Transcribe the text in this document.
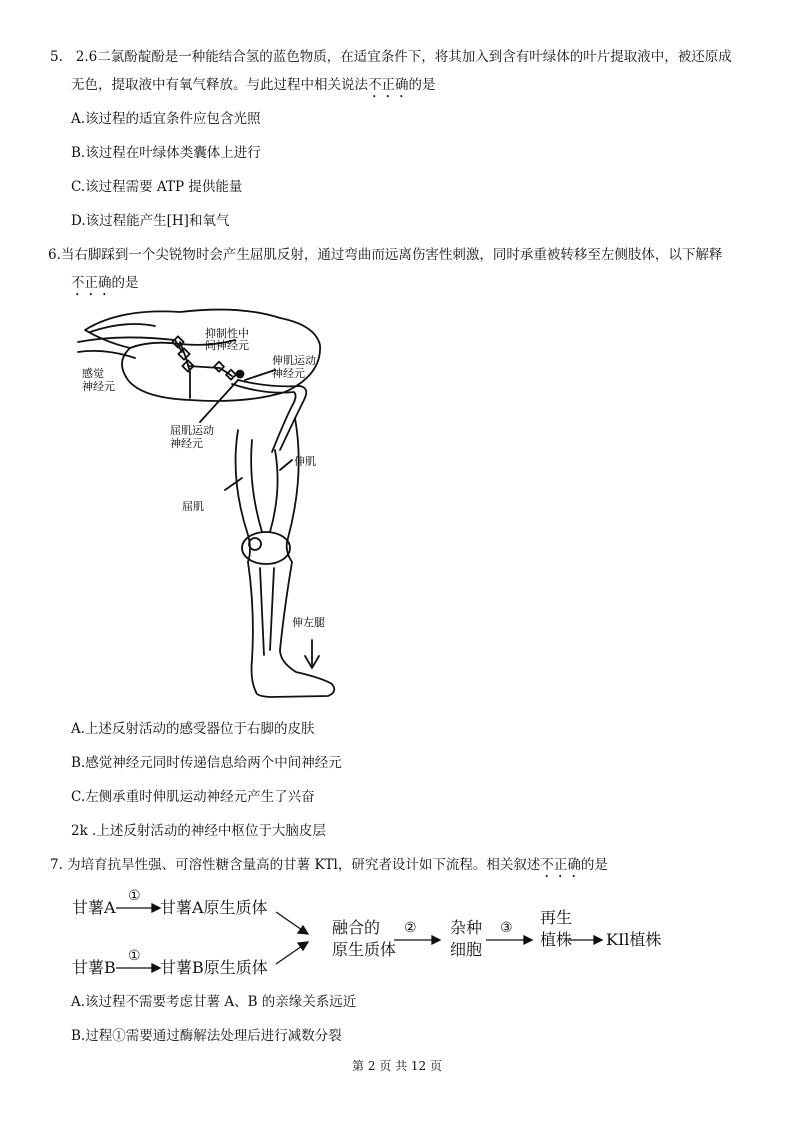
5. 2.6二氯酚靛酚是一种能结合氢的蓝色物质，在适宜条件下，将其加入到含有叶绿体的叶片提取液中，被还原成
无色，提取液中有氧气释放。与此过程中相关说法不正确的是
A.该过程的适宜条件应包含光照
B.该过程在叶绿体类囊体上进行
C.该过程需要 ATP 提供能量
D.该过程能产生[H]和氧气
6.当右脚踩到一个尖锐物时会产生屈肌反射，通过弯曲而远离伤害性刺激，同时承重被转移至左侧肢体，以下解释
不正确的是
抑制性中
间神经元
感觉
神经元
伸肌运动
神经元
屈肌运动
神经元
伸肌
屈肌
伸左腿
A.上述反射活动的感受器位于右脚的皮肤
B.感觉神经元同时传递信息给两个中间神经元
C.左侧承重时伸肌运动神经元产生了兴奋
2k .上述反射活动的神经中枢位于大脑皮层
7. 为培育抗旱性强、可溶性糖含量高的甘薯 KTl，研究者设计如下流程。相关叙述不正确的是
甘薯A
①
甘薯A原生质体
甘薯B
①
甘薯B原生质体
融合的
原生质体
② 杂种
细胞
③
再生
植株 KIl植株
A.该过程不需要考虑甘薯 A、B 的亲缘关系远近
B.过程①需要通过酶解法处理后进行减数分裂
第 2 页 共 12 页
